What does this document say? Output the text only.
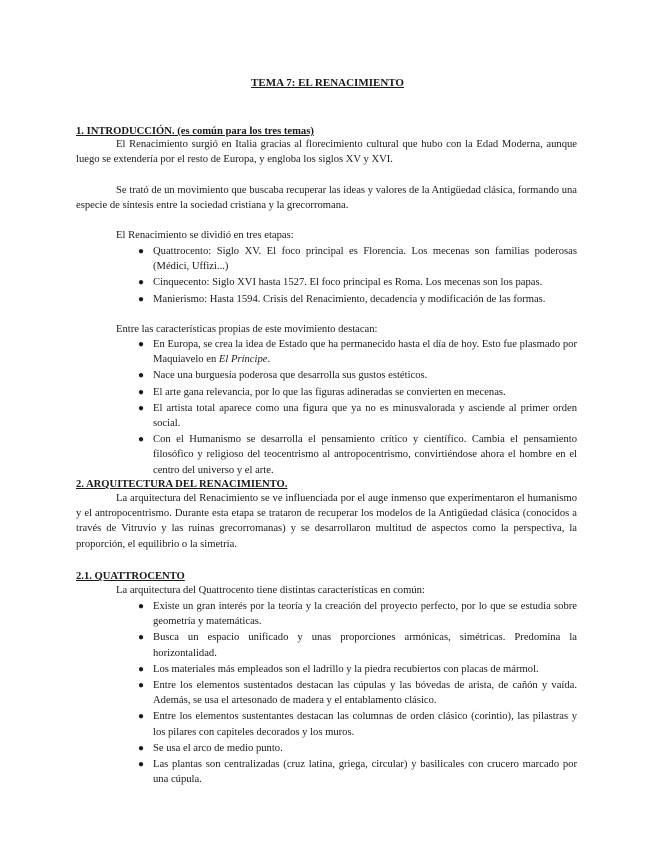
TEMA 7: EL RENACIMIENTO
1. INTRODUCCIÓN. (es común para los tres temas)

El Renacimiento surgió en Italia gracias al florecimiento cultural que hubo con la Edad Moderna, aunque luego se extendería por el resto de Europa, y engloba los siglos XV y XVI.

Se trató de un movimiento que buscaba recuperar las ideas y valores de la Antigüedad clásica, formando una especie de síntesis entre la sociedad cristiana y la grecorromana.

El Renacimiento se dividió en tres etapas:

● Quattrocento: Siglo XV. El foco principal es Florencia. Los mecenas son familias poderosas (Médici, Uffizi...)
● Cinquecento: Siglo XVI hasta 1527. El foco principal es Roma. Los mecenas son los papas.
● Manierismo: Hasta 1594. Crisis del Renacimiento, decadencia y modificación de las formas.

Entre las características propias de este movimiento destacan:

● En Europa, se crea la idea de Estado que ha permanecido hasta el día de hoy. Esto fue plasmado por Maquiavelo en El Príncipe.
● Nace una burguesía poderosa que desarrolla sus gustos estéticos.
● El arte gana relevancia, por lo que las figuras adineradas se convierten en mecenas.
● El artista total aparece como una figura que ya no es minusvalorada y asciende al primer orden social.
● Con el Humanismo se desarrolla el pensamiento crítico y científico. Cambia el pensamiento filosófico y religioso del teocentrismo al antropocentrismo, convirtiéndose ahora el hombre en el centro del universo y el arte.
2. ARQUITECTURA DEL RENACIMIENTO.

La arquitectura del Renacimiento se ve influenciada por el auge inmenso que experimentaron el humanismo y el antropocentrismo. Durante esta etapa se trataron de recuperar los modelos de la Antigüedad clásica (conocidos a través de Vitruvio y las ruinas grecorromanas) y se desarrollaron multitud de aspectos como la perspectiva, la proporción, el equilibrio o la simetría.

2.1. QUATTROCENTO

La arquitectura del Quattrocento tiene distintas características en común:

● Existe un gran interés por la teoría y la creación del proyecto perfecto, por lo que se estudia sobre geometría y matemáticas.
● Busca un espacio unificado y unas proporciones armónicas, simétricas. Predomina la horizontalidad.
● Los materiales más empleados son el ladrillo y la piedra recubiertos con placas de mármol.
● Entre los elementos sustentados destacan las cúpulas y las bóvedas de arista, de cañón y vaída. Además, se usa el artesonado de madera y el entablamento clásico.
● Entre los elementos sustentantes destacan las columnas de orden clásico (corintio), las pilastras y los pilares con capiteles decorados y los muros.
● Se usa el arco de medio punto.
● Las plantas son centralizadas (cruz latina, griega, circular) y basilicales con crucero marcado por una cúpula.
